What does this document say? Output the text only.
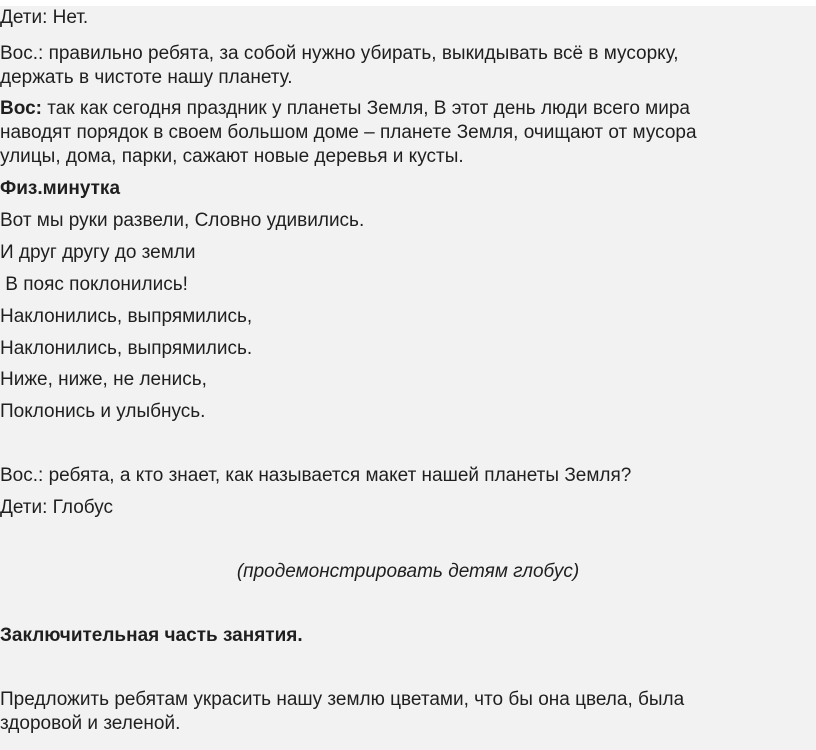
Дети: Нет.

Вос.: правильно ребята, за собой нужно убирать, выкидывать всё в мусорку,
держать в чистоте нашу планету.

Вос: так как сегодня праздник у планеты Земля, В этот день люди всего мира
наводят порядок в своем большом доме – планете Земля, очищают от мусора
улицы, дома, парки, сажают новые деревья и кусты.

Физ.минутка

Вот мы руки развели, Словно удивились.

И друг другу до земли

В пояс поклонились!

Наклонились, выпрямились,

Наклонились, выпрямились.

Ниже, ниже, не ленись,

Поклонись и улыбнусь.

Вос.: ребята, а кто знает, как называется макет нашей планеты Земля?

Дети: Глобус

(продемонстрировать детям глобус)

Заключительная часть занятия.

Предложить ребятам украсить нашу землю цветами, что бы она цвела, была
здоровой и зеленой.
